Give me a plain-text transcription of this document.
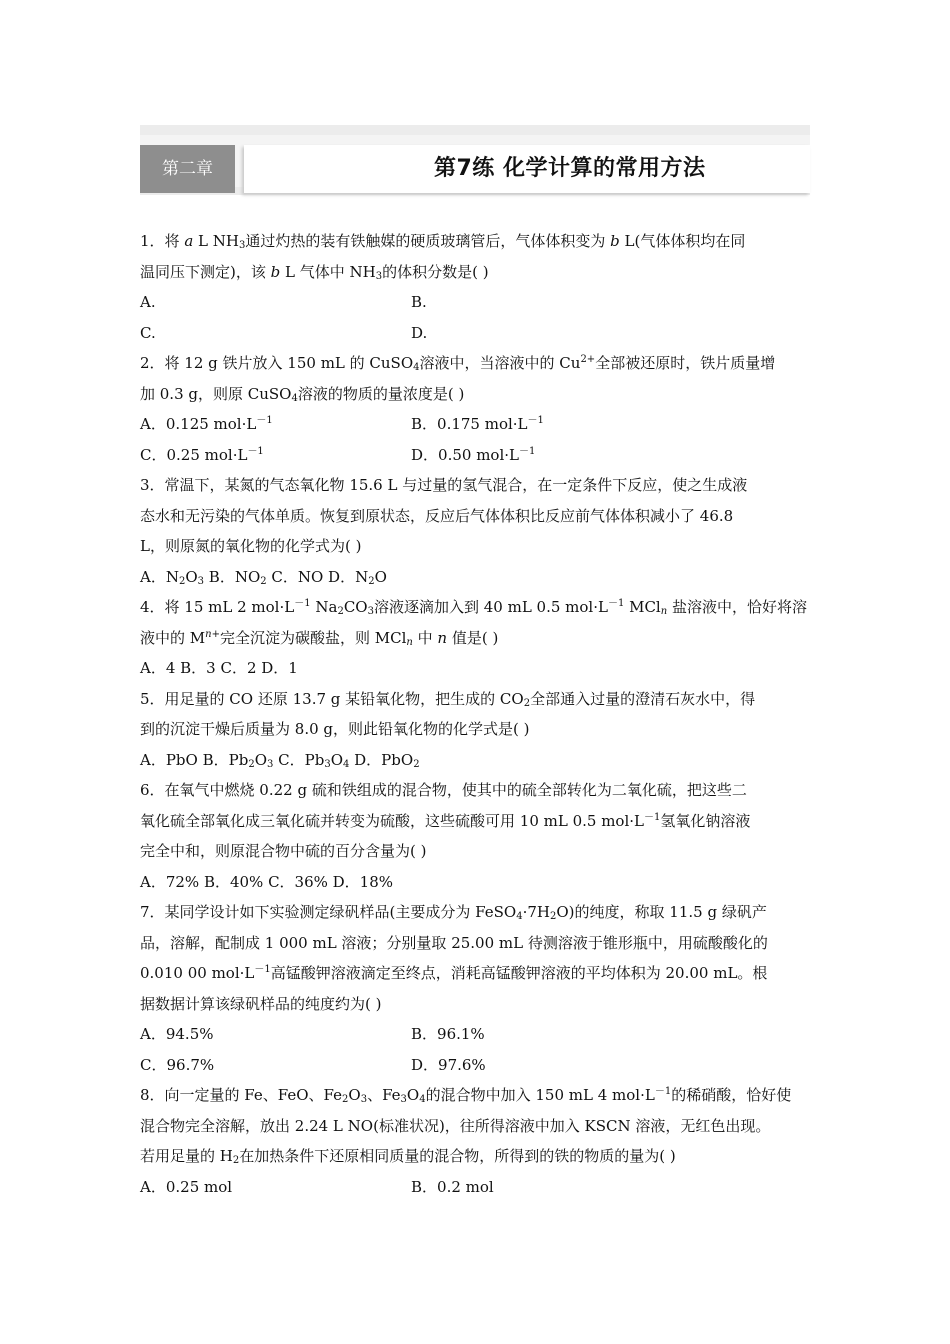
第二章	第7练 化学计算的常用方法
1．将 a L $NH_3$通过灼热的装有铁触媒的硬质玻璃管后，气体体积变为 b L(气体体积均在同
温同压下测定)，该 b L 气体中 $NH_3$的体积分数是( )
A.	B.
C.	D.
2．将 12 g 铁片放入 150 mL 的 CuSO$_4$溶液中，当溶液中的 $Cu^{2+}$全部被还原时，铁片质量增
加 0.3 g，则原 CuSO$_4$溶液的物质的量浓度是( )
A．0.125 $mol\cdot L^{-1}$	B．0.175 $mol\cdot L^{-1}$
C．0.25 $mol\cdot L^{-1}$	D．0.50 $mol\cdot L^{-1}$
3．常温下，某氮的气态氧化物 15.6 L 与过量的氢气混合，在一定条件下反应，使之生成液
态水和无污染的气体单质。恢复到原状态，反应后气体体积比反应前气体体积减小了 46.8
L，则原氮的氧化物的化学式为( )
A．$N_2O_3$ B．$NO_2$ C．NO D．$N_2O$
4．将 15 mL 2 $mol\cdot L^{-1}$ $Na_2CO_3$溶液逐滴加入到 40 mL 0.5 $mol\cdot L^{-1}$ MCl$_n$ 盐溶液中，恰好将溶
液中的 $M^{n+}$完全沉淀为碳酸盐，则 MCl$_n$ 中 n 值是( )
A．4 B．3 C．2 D．1
5．用足量的 CO 还原 13.7 g 某铅氧化物，把生成的 $CO_2$全部通入过量的澄清石灰水中，得
到的沉淀干燥后质量为 8.0 g，则此铅氧化物的化学式是( )
A．PbO B．$Pb_2O_3$ C．$Pb_3O_4$ D．PbO$_2$
6．在氧气中燃烧 0.22 g 硫和铁组成的混合物，使其中的硫全部转化为二氧化硫，把这些二
氧化硫全部氧化成三氧化硫并转变为硫酸，这些硫酸可用 10 mL 0.5 $mol\cdot L^{-1}$氢氧化钠溶液
完全中和，则原混合物中硫的百分含量为( )
A．72% B．40% C．36% D．18%
7．某同学设计如下实验测定绿矾样品(主要成分为 $FeSO_4\cdot 7H_2O$)的纯度，称取 11.5 g 绿矾产
品，溶解，配制成 1 000 mL 溶液；分别量取 25.00 mL 待测溶液于锥形瓶中，用硫酸酸化的
0.010 00 $mol\cdot L^{-1}$高锰酸钾溶液滴定至终点，消耗高锰酸钾溶液的平均体积为 20.00 mL。根
据数据计算该绿矾样品的纯度约为( )
A．94.5%	B．96.1%
C．96.7%	D．97.6%
8．向一定量的 Fe、FeO、$Fe_2O_3$、$Fe_3O_4$的混合物中加入 150 mL 4 $mol\cdot L^{-1}$的稀硝酸，恰好使
混合物完全溶解，放出 2.24 L NO(标准状况)，往所得溶液中加入 KSCN 溶液，无红色出现。
若用足量的 $H_2$在加热条件下还原相同质量的混合物，所得到的铁的物质的量为( )
A．0.25 mol	B．0.2 mol
